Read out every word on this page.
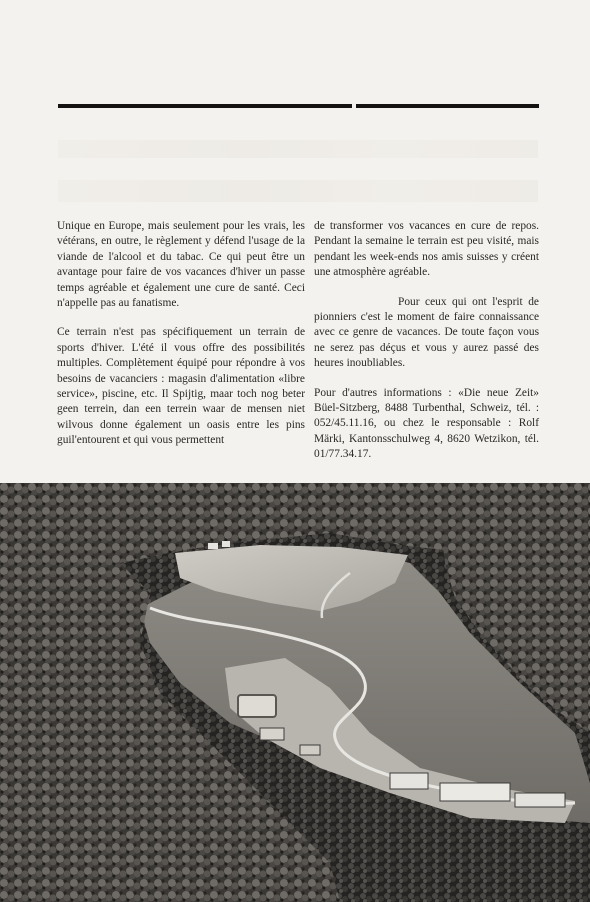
Unique en Europe, mais seulement pour les vrais, les vétérans, en outre, le règlement y défend l'usage de la viande de l'alcool et du tabac. Ce qui peut être un avantage pour faire de vos vacances d'hiver un passe temps agréable et également une cure de santé. Ceci n'appelle pas au fanatisme.

Ce terrain n'est pas spécifiquement un terrain de sports d'hiver. L'été il vous offre des possibilités multiples. Complètement équipé pour répondre à vos besoins de vacanciers : magasin d'alimentation «libre service», piscine, etc. Il Spijtig, maar toch nog beter geen terrein, dan een terrein waar de mensen niet wilvous donne également un oasis entre les pins guil'entourent et qui vous permettent

de transformer vos vacances en cure de repos. Pendant la semaine le terrain est peu visité, mais pendant les week-ends nos amis suisses y créent une atmosphère agréable.

Pour ceux qui ont l'esprit de pionniers c'est le moment de faire connaissance avec ce genre de vacances. De toute façon vous ne serez pas déçus et vous y aurez passé des heures inoubliables.

Pour d'autres informations : «Die neue Zeit» Büel-Sitzberg, 8488 Turbenthal, Schweiz, tél. : 052/45.11.16, ou chez le responsable : Rolf Märki, Kantonsschulweg 4, 8620 Wetzikon, tél. 01/77.34.17.
